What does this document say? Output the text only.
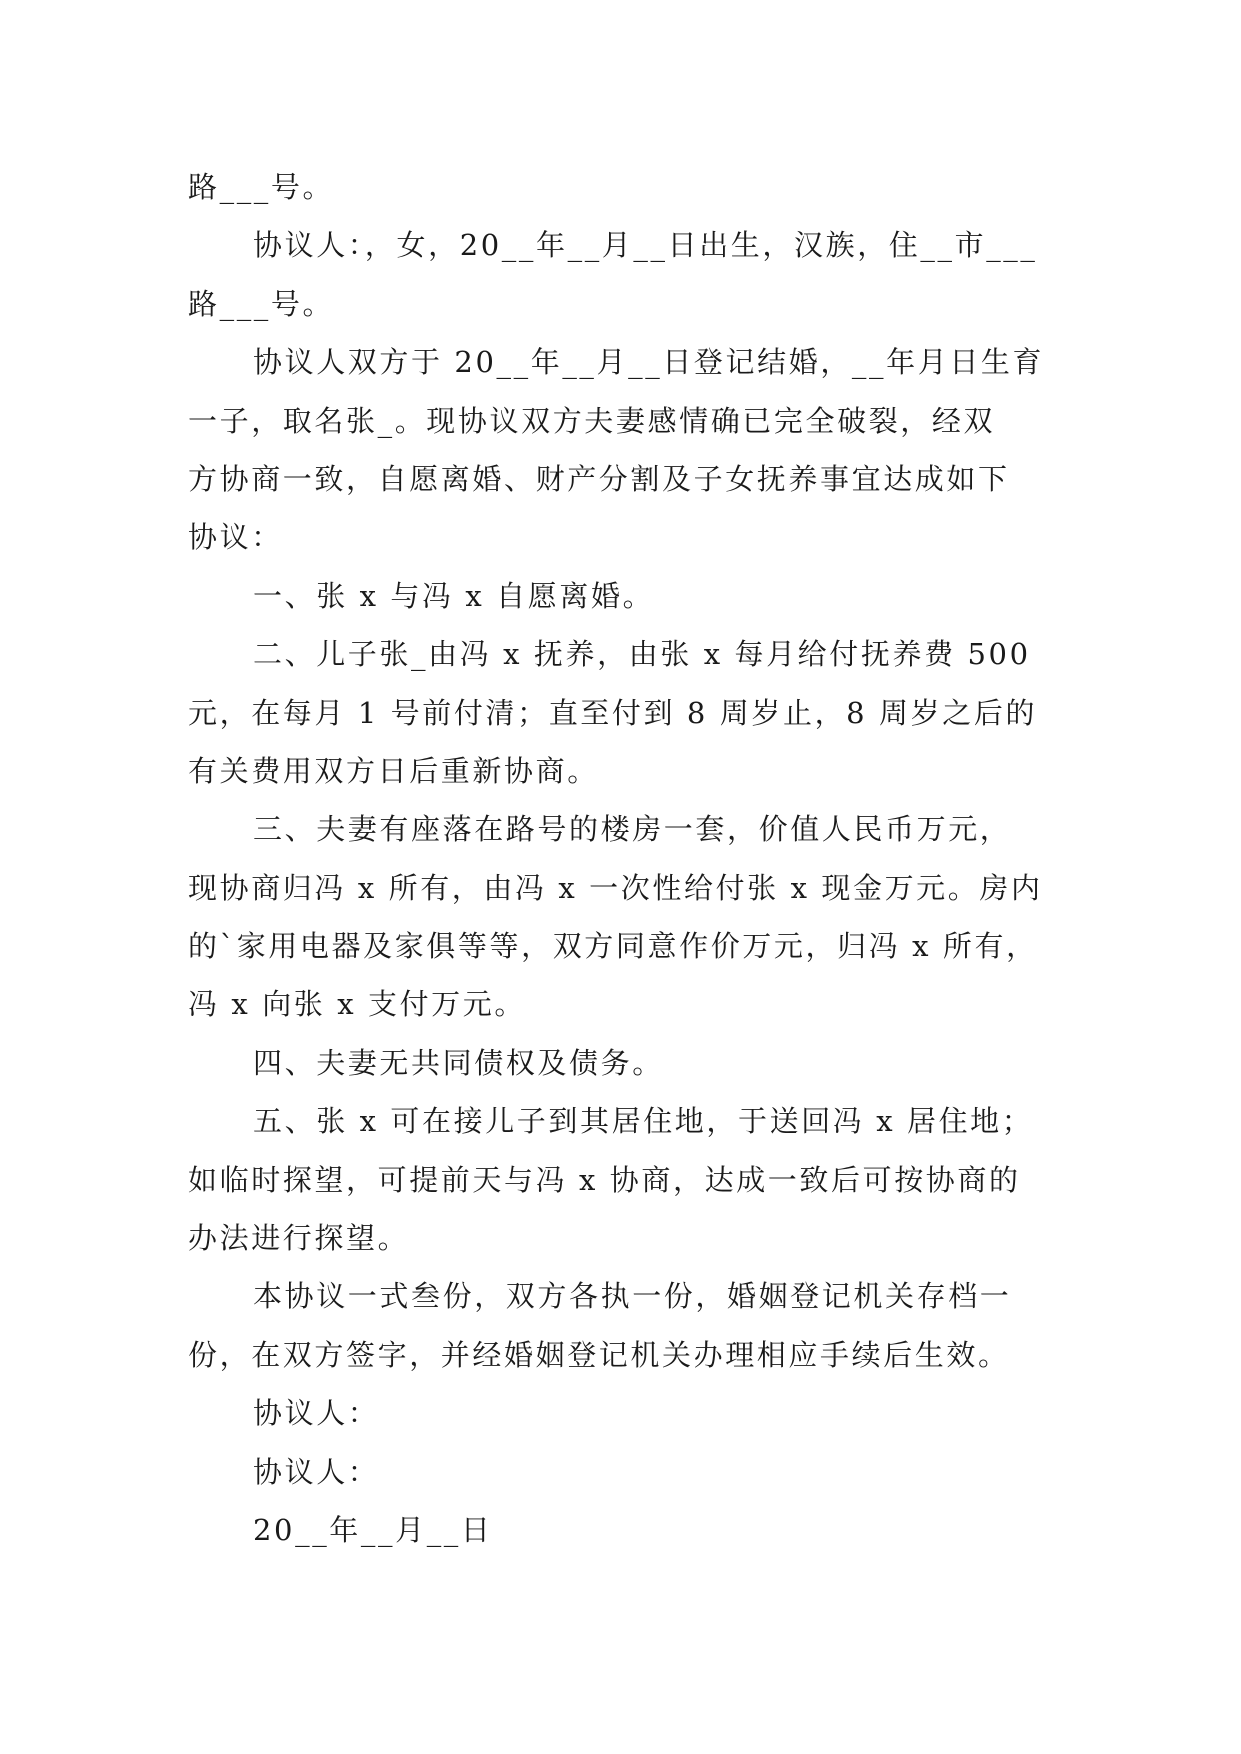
路___号。
协议人：，女，20__年__月__日出生，汉族，住__市___
路___号。
协议人双方于 20__年__月__日登记结婚，__年月日生育
一子，取名张_。现协议双方夫妻感情确已完全破裂，经双
方协商一致，自愿离婚、财产分割及子女抚养事宜达成如下
协议：
一、张 x 与冯 x 自愿离婚。
二、儿子张_由冯 x 抚养，由张 x 每月给付抚养费 500
元，在每月 1 号前付清；直至付到 8 周岁止，8 周岁之后的
有关费用双方日后重新协商。
三、夫妻有座落在路号的楼房一套，价值人民币万元，
现协商归冯 x 所有，由冯 x 一次性给付张 x 现金万元。房内
的`家用电器及家俱等等，双方同意作价万元，归冯 x 所有，
冯 x 向张 x 支付万元。
四、夫妻无共同债权及债务。
五、张 x 可在接儿子到其居住地，于送回冯 x 居住地；
如临时探望，可提前天与冯 x 协商，达成一致后可按协商的
办法进行探望。
本协议一式叁份，双方各执一份，婚姻登记机关存档一
份，在双方签字，并经婚姻登记机关办理相应手续后生效。
协议人：
协议人：
20__年__月__日
